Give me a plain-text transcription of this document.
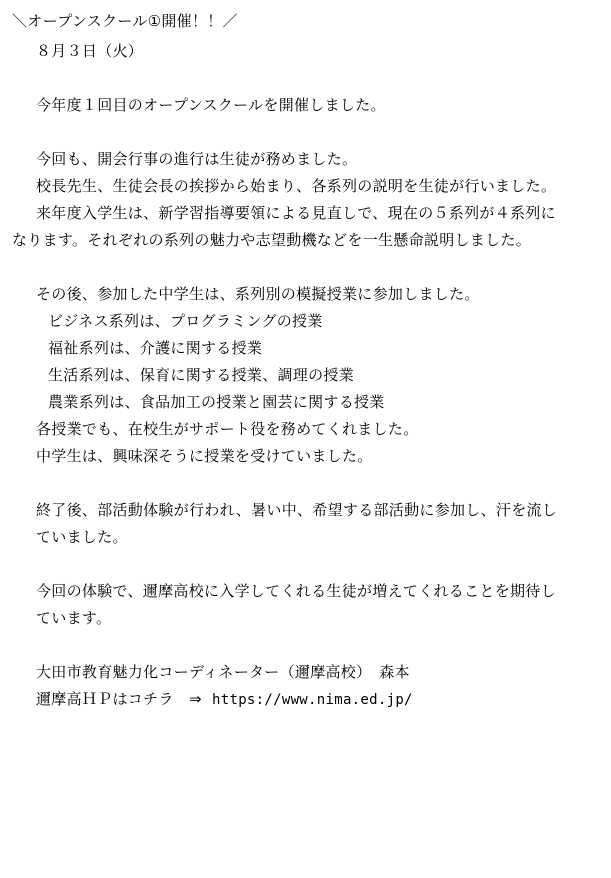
＼オープンスクール①開催！！／
８月３日（火）
今年度１回目のオープンスクールを開催しました。
今回も、開会行事の進行は生徒が務めました。
校長先生、生徒会長の挨拶から始まり、各系列の説明を生徒が行いました。
来年度入学生は、新学習指導要領による見直しで、現在の５系列が４系列に
なります。それぞれの系列の魅力や志望動機などを一生懸命説明しました。
その後、参加した中学生は、系列別の模擬授業に参加しました。
ビジネス系列は、プログラミングの授業
福祉系列は、介護に関する授業
生活系列は、保育に関する授業、調理の授業
農業系列は、食品加工の授業と園芸に関する授業
各授業でも、在校生がサポート役を務めてくれました。
中学生は、興味深そうに授業を受けていました。
終了後、部活動体験が行われ、暑い中、希望する部活動に参加し、汗を流し
ていました。
今回の体験で、邇摩高校に入学してくれる生徒が増えてくれることを期待し
ています。
大田市教育魅力化コーディネーター（邇摩高校）　森本
邇摩高ＨＰはコチラ　⇒ https://www.nima.ed.jp/
